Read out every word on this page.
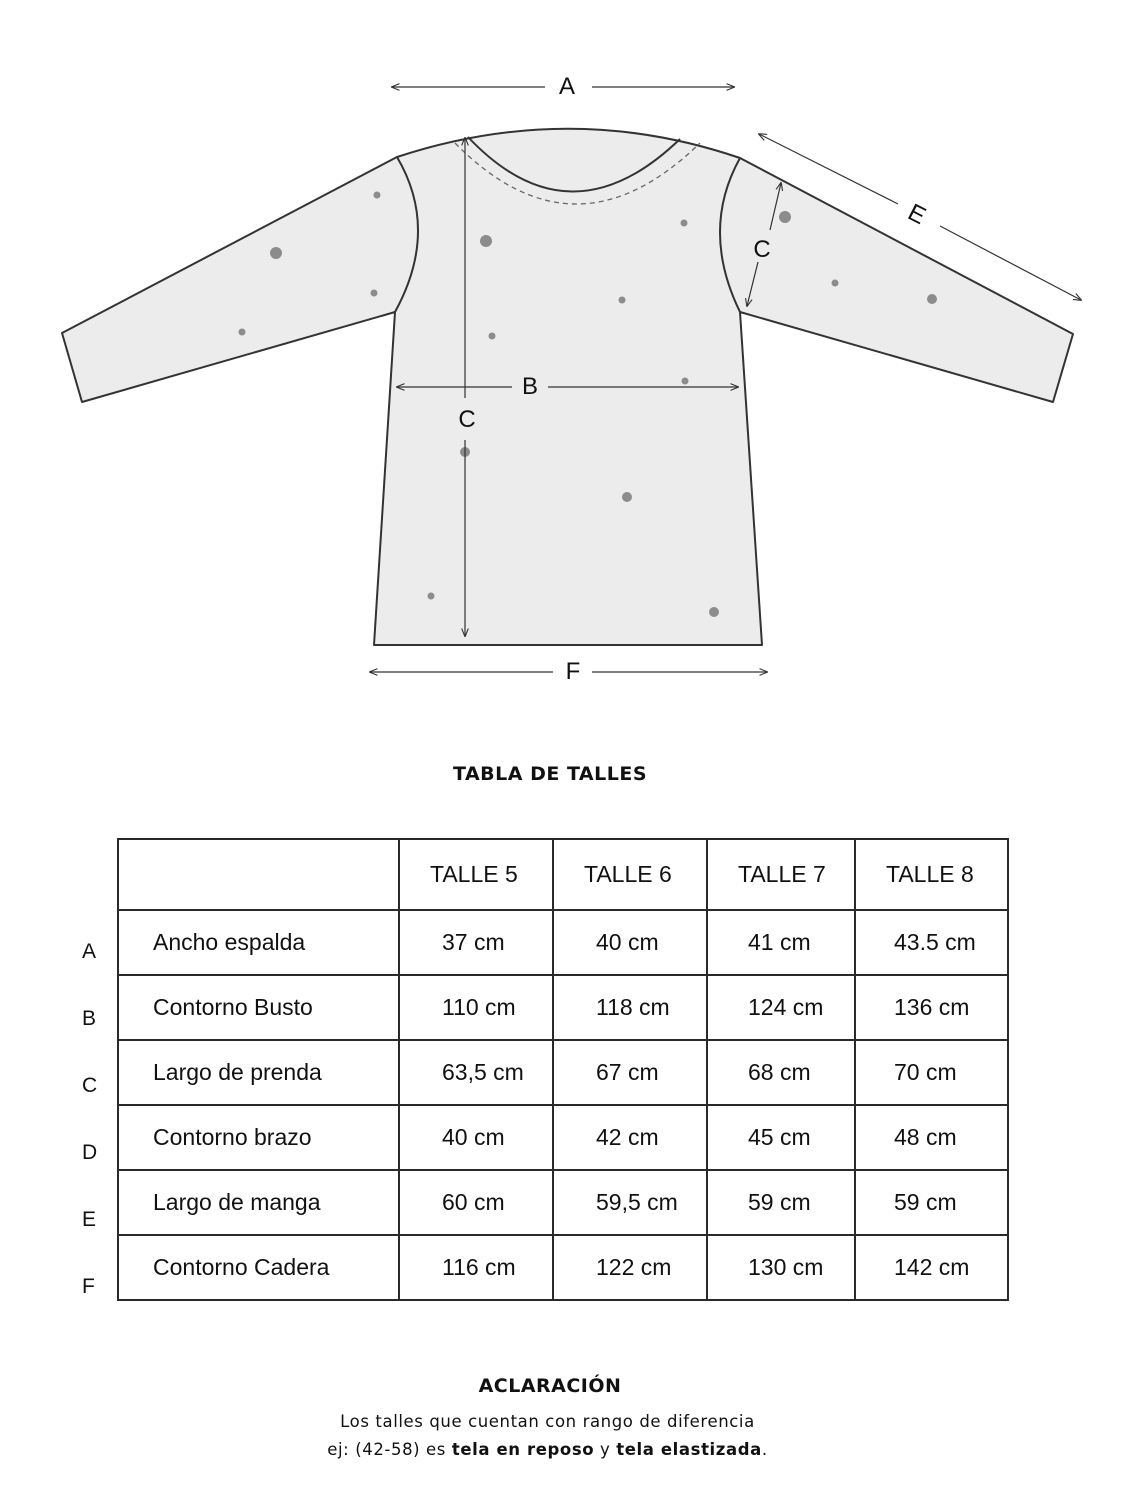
A
B
C
C
E
F
TABLA DE TALLES
A
B
C
D
E
F
	TALLE 5	TALLE 6	TALLE 7	TALLE 8
Ancho espalda	37 cm	40 cm	41 cm	43.5 cm
Contorno Busto	110 cm	118 cm	124 cm	136 cm
Largo de prenda	63,5 cm	67 cm	68 cm	70 cm
Contorno brazo	40 cm	42 cm	45 cm	48 cm
Largo de manga	60 cm	59,5 cm	59 cm	59 cm
Contorno Cadera	116 cm	122 cm	130 cm	142 cm
ACLARACIÓN
Los talles que cuentan con rango de diferencia
ej: (42-58) es tela en reposo y tela elastizada.
